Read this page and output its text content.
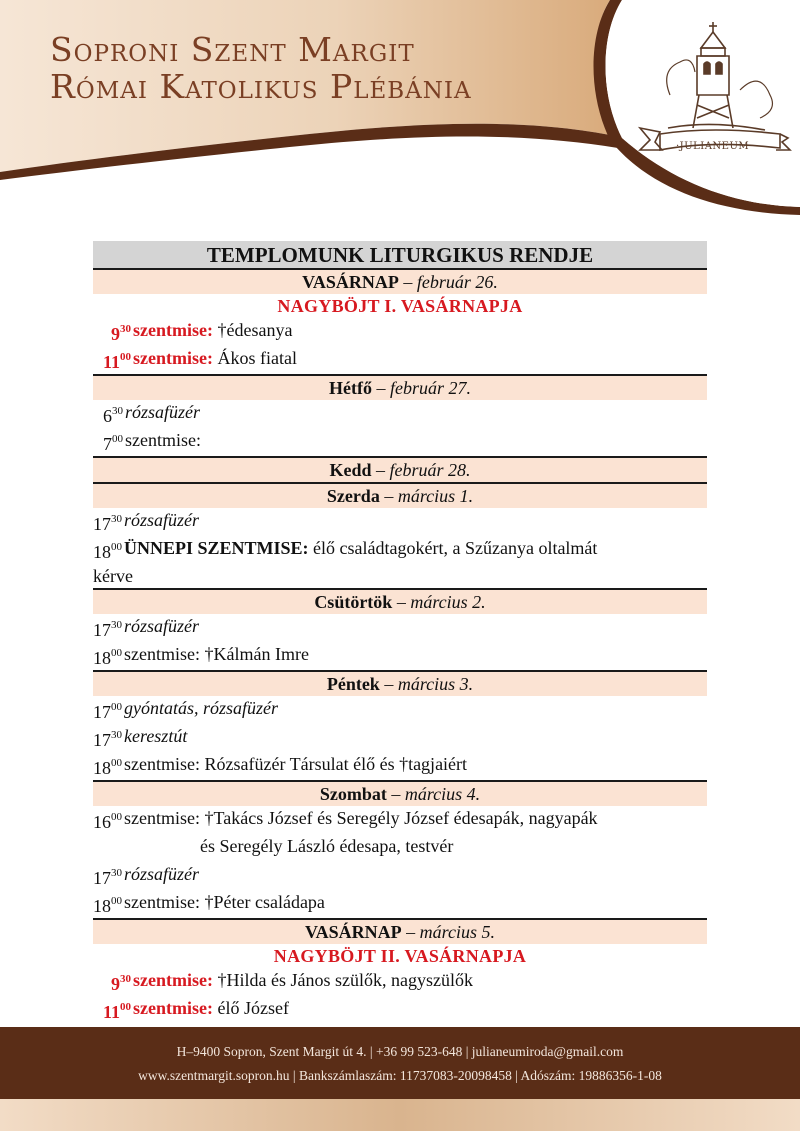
Soproni Szent Margit
Római Katolikus Plébánia
·JULIANEUM·
TEMPLOMUNK LITURGIKUS RENDJE
VASÁRNAP – február 26.
NAGYBÖJT I. VASÁRNAPJA
$9^{30}$ szentmise: †édesanya
$11^{00}$ szentmise: Ákos fiatal
Hétfő – február 27.
$6^{30}$ rózsafüzér
$7^{00}$ szentmise:
Kedd – február 28.
Szerda – március 1.
$17^{30}$ rózsafüzér
$18^{00}$ ÜNNEPI SZENTMISE: élő családtagokért, a Szűzanya oltalmát
kérve
Csütörtök – március 2.
$17^{30}$ rózsafüzér
$18^{00}$ szentmise: †Kálmán Imre
Péntek – március 3.
$17^{00}$ gyóntatás, rózsafüzér
$17^{30}$ keresztút
$18^{00}$ szentmise: Rózsafüzér Társulat élő és †tagjaiért
Szombat – március 4.
$16^{00}$ szentmise: †Takács József és Seregély József édesapák, nagyapák
és Seregély László édesapa, testvér
$17^{30}$ rózsafüzér
$18^{00}$ szentmise: †Péter családapa
VASÁRNAP – március 5.
NAGYBÖJT II. VASÁRNAPJA
$9^{30}$ szentmise: †Hilda és János szülők, nagyszülők
$11^{00}$ szentmise: élő József
H–9400 Sopron, Szent Margit út 4. | +36 99 523-648 | julianeumiroda@gmail.com
www.szentmargit.sopron.hu | Bankszámlaszám: 11737083-20098458 | Adószám: 19886356-1-08
